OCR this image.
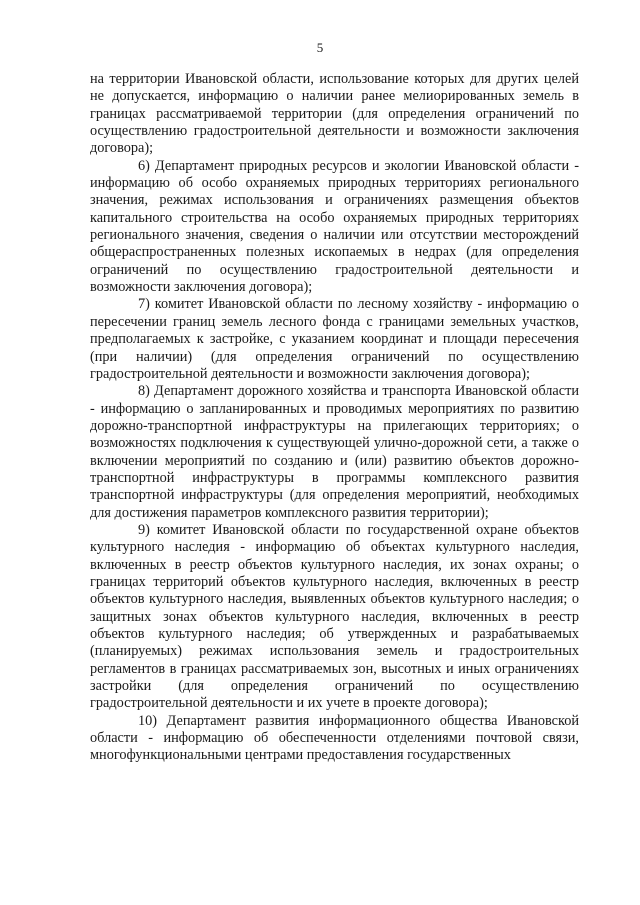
5

на территории Ивановской области, использование которых для других целей не допускается, информацию о наличии ранее мелиорированных земель в границах рассматриваемой территории (для определения ограничений по осуществлению градостроительной деятельности и возможности заключения договора);

6) Департамент природных ресурсов и экологии Ивановской области - информацию об особо охраняемых природных территориях регионального значения, режимах использования и ограничениях размещения объектов капитального строительства на особо охраняемых природных территориях регионального значения, сведения о наличии или отсутствии месторождений общераспространенных полезных ископаемых в недрах (для определения ограничений по осуществлению градостроительной деятельности и возможности заключения договора);

7) комитет Ивановской области по лесному хозяйству - информацию о пересечении границ земель лесного фонда с границами земельных участков, предполагаемых к застройке, с указанием координат и площади пересечения (при наличии) (для определения ограничений по осуществлению градостроительной деятельности и возможности заключения договора);

8) Департамент дорожного хозяйства и транспорта Ивановской области - информацию о запланированных и проводимых мероприятиях по развитию дорожно-транспортной инфраструктуры на прилегающих территориях; о возможностях подключения к существующей улично-дорожной сети, а также о включении мероприятий по созданию и (или) развитию объектов дорожно-транспортной инфраструктуры в программы комплексного развития транспортной инфраструктуры (для определения мероприятий, необходимых для достижения параметров комплексного развития территории);

9) комитет Ивановской области по государственной охране объектов культурного наследия - информацию об объектах культурного наследия, включенных в реестр объектов культурного наследия, их зонах охраны; о границах территорий объектов культурного наследия, включенных в реестр объектов культурного наследия, выявленных объектов культурного наследия; о защитных зонах объектов культурного наследия, включенных в реестр объектов культурного наследия; об утвержденных и разрабатываемых (планируемых) режимах использования земель и градостроительных регламентов в границах рассматриваемых зон, высотных и иных ограничениях застройки (для определения ограничений по осуществлению градостроительной деятельности и их учете в проекте договора);

10) Департамент развития информационного общества Ивановской области - информацию об обеспеченности отделениями почтовой связи, многофункциональными центрами предоставления государственных
